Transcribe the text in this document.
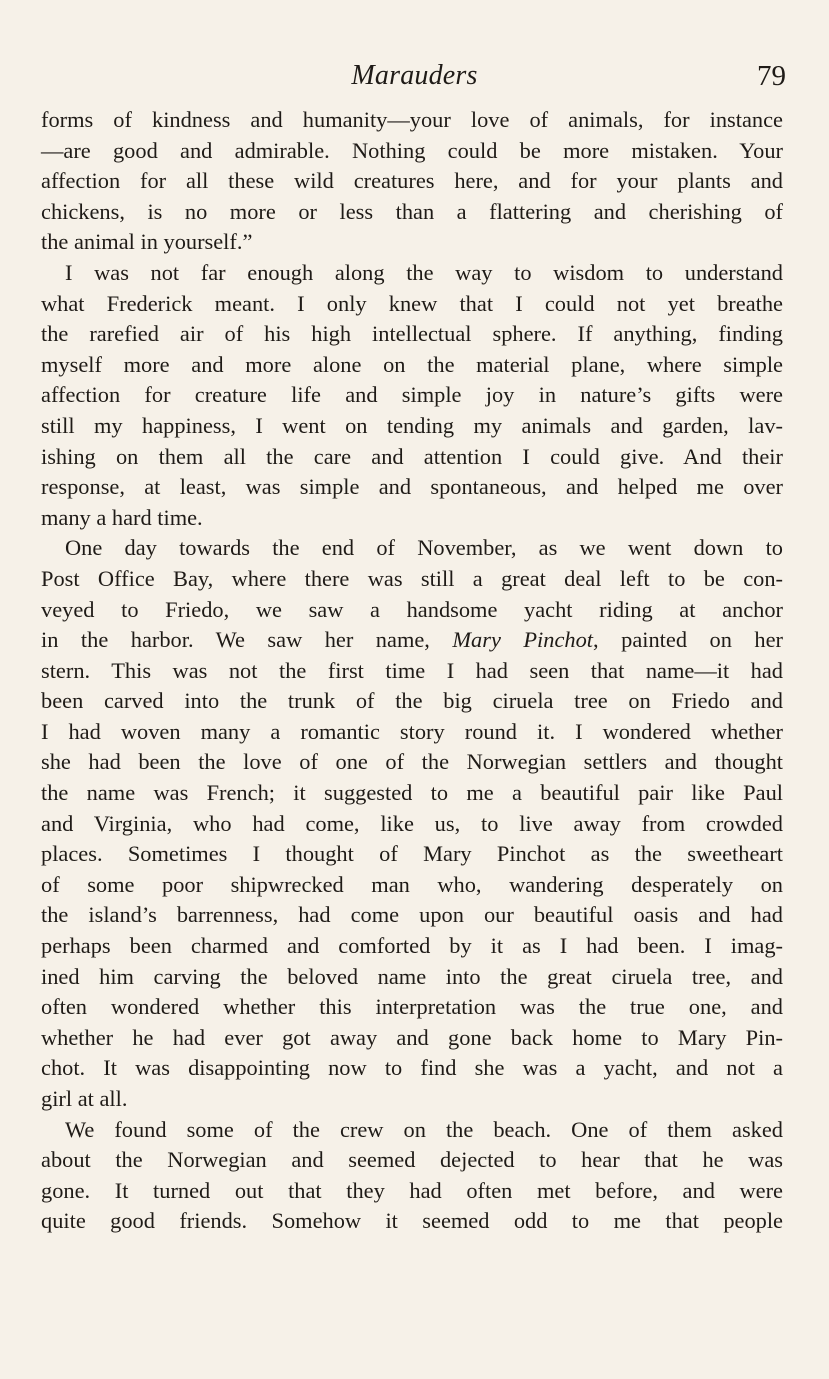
Marauders	79
forms of kindness and humanity—your love of animals, for instance
—are good and admirable. Nothing could be more mistaken. Your
affection for all these wild creatures here, and for your plants and
chickens, is no more or less than a flattering and cherishing of
the animal in yourself.”
I was not far enough along the way to wisdom to understand
what Frederick meant. I only knew that I could not yet breathe
the rarefied air of his high intellectual sphere. If anything, finding
myself more and more alone on the material plane, where simple
affection for creature life and simple joy in nature’s gifts were
still my happiness, I went on tending my animals and garden, lav-
ishing on them all the care and attention I could give. And their
response, at least, was simple and spontaneous, and helped me over
many a hard time.
One day towards the end of November, as we went down to
Post Office Bay, where there was still a great deal left to be con-
veyed to Friedo, we saw a handsome yacht riding at anchor
in the harbor. We saw her name, Mary Pinchot, painted on her
stern. This was not the first time I had seen that name—it had
been carved into the trunk of the big ciruela tree on Friedo and
I had woven many a romantic story round it. I wondered whether
she had been the love of one of the Norwegian settlers and thought
the name was French; it suggested to me a beautiful pair like Paul
and Virginia, who had come, like us, to live away from crowded
places. Sometimes I thought of Mary Pinchot as the sweetheart
of some poor shipwrecked man who, wandering desperately on
the island’s barrenness, had come upon our beautiful oasis and had
perhaps been charmed and comforted by it as I had been. I imag-
ined him carving the beloved name into the great ciruela tree, and
often wondered whether this interpretation was the true one, and
whether he had ever got away and gone back home to Mary Pin-
chot. It was disappointing now to find she was a yacht, and not a
girl at all.
We found some of the crew on the beach. One of them asked
about the Norwegian and seemed dejected to hear that he was
gone. It turned out that they had often met before, and were
quite good friends. Somehow it seemed odd to me that people
